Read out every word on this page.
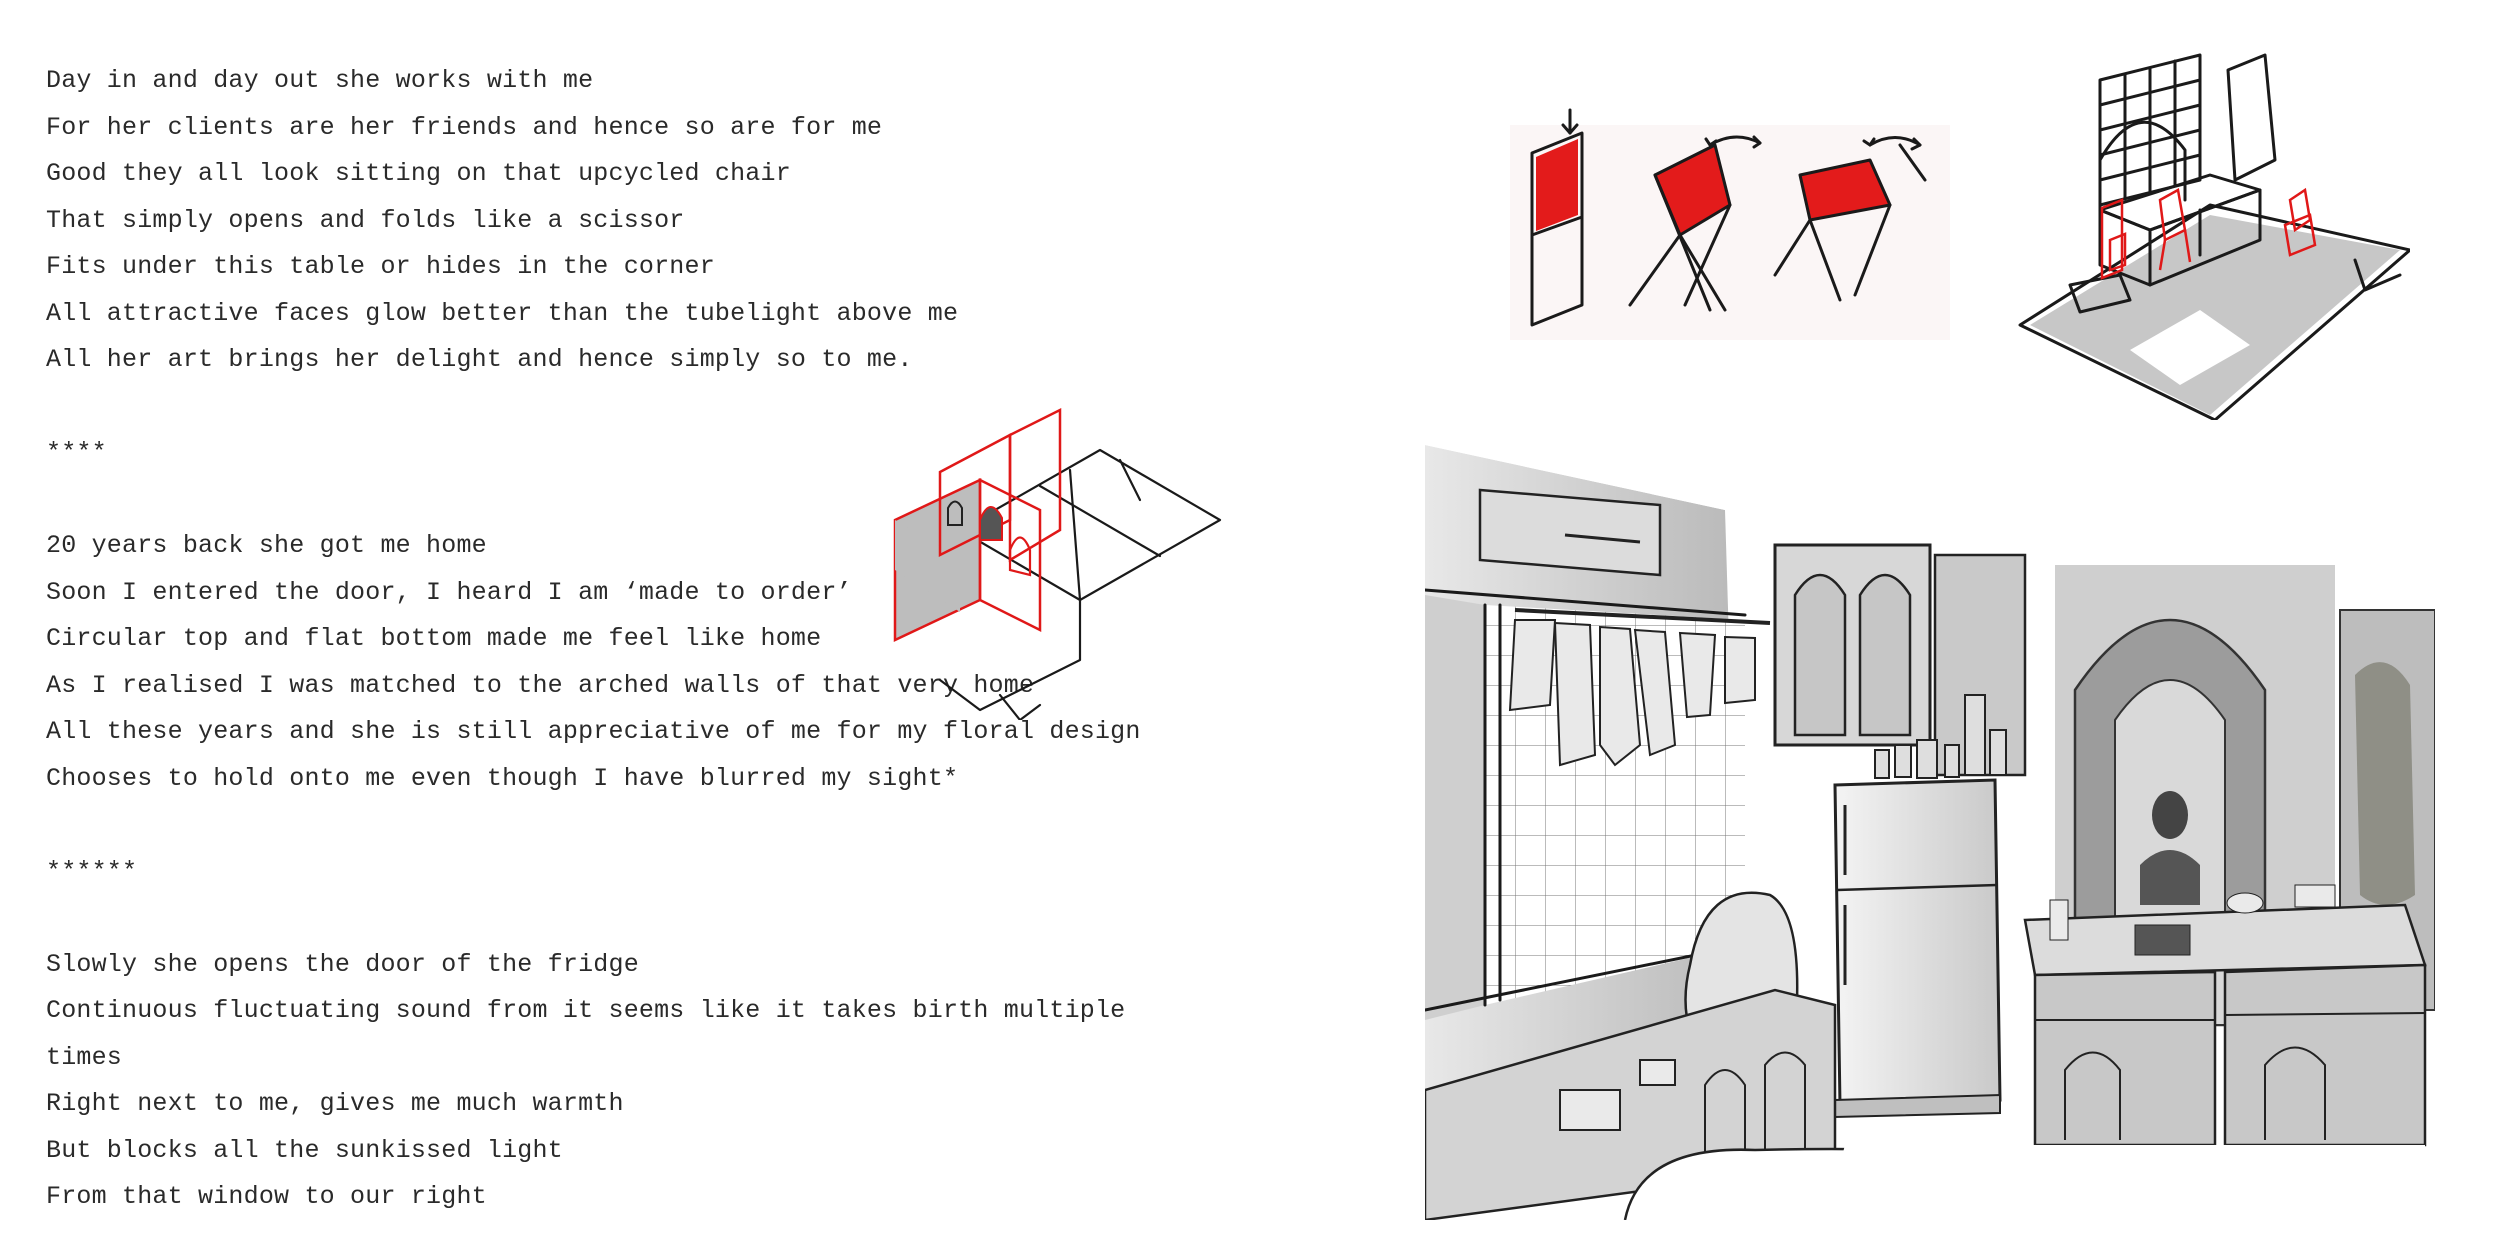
Day in and day out she works with me
For her clients are her friends and hence so are for me
Good they all look sitting on that upcycled chair
That simply opens and folds like a scissor
Fits under this table or hides in the corner
All attractive faces glow better than the tubelight above me
All her art brings her delight and hence simply so to me.
****
20 years back she got me home
Soon I entered the door, I heard I am ‘made to order’
Circular top and flat bottom made me feel like home
As I realised I was matched to the arched walls of that very home
All these years and she is still appreciative of me for my floral design
Chooses to hold onto me even though I have blurred my sight*
******
Slowly she opens the door of the fridge
Continuous fluctuating sound from it seems like it takes birth multiple
times
Right next to me, gives me much warmth
But blocks all the sunkissed light
From that window to our right
